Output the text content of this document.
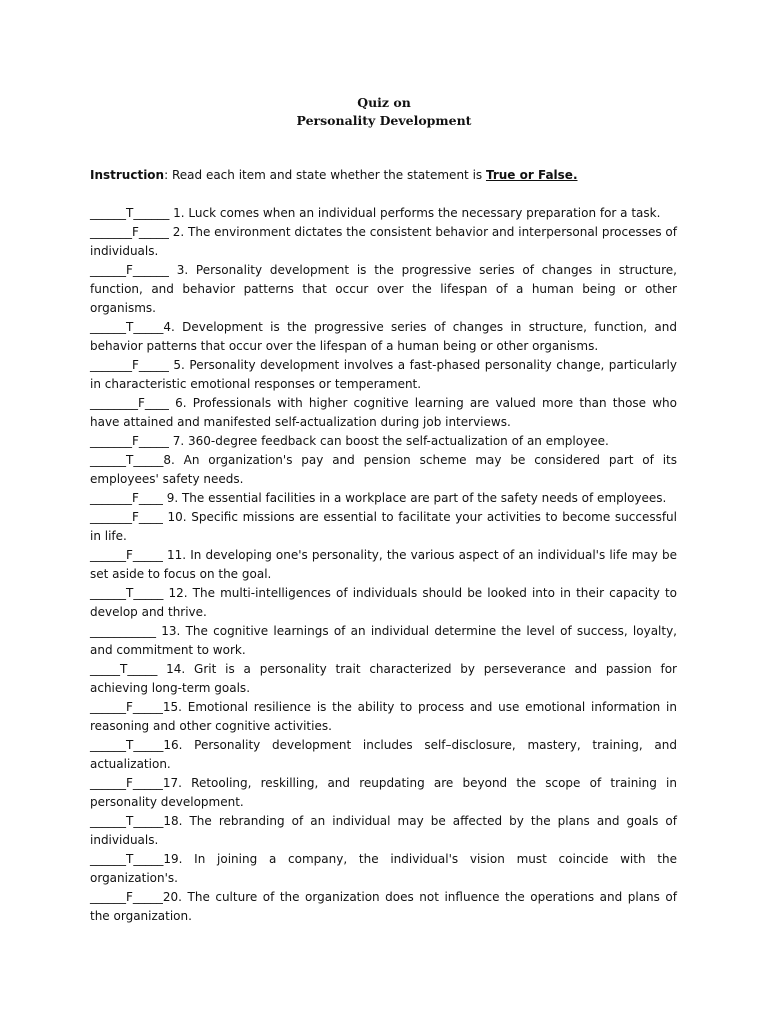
Quiz on
Personality Development
Instruction: Read each item and state whether the statement is True or False.

______T______ 1. Luck comes when an individual performs the necessary preparation for a task.

_______F_____ 2. The environment dictates the consistent behavior and interpersonal processes of individuals.

______F______ 3. Personality development is the progressive series of changes in structure, function, and behavior patterns that occur over the lifespan of a human being or other organisms.

______T_____4. Development is the progressive series of changes in structure, function, and behavior patterns that occur over the lifespan of a human being or other organisms.

_______F_____ 5. Personality development involves a fast-phased personality change, particularly in characteristic emotional responses or temperament.

________F____ 6. Professionals with higher cognitive learning are valued more than those who have attained and manifested self-actualization during job interviews.

_______F_____ 7. 360-degree feedback can boost the self-actualization of an employee.

______T_____8. An organization's pay and pension scheme may be considered part of its employees' safety needs.

_______F____ 9. The essential facilities in a workplace are part of the safety needs of employees.

_______F____ 10. Specific missions are essential to facilitate your activities to become successful in life.

______F_____ 11. In developing one's personality, the various aspect of an individual's life may be set aside to focus on the goal.

______T_____ 12. The multi-intelligences of individuals should be looked into in their capacity to develop and thrive.

___________ 13. The cognitive learnings of an individual determine the level of success, loyalty, and commitment to work.

_____T_____ 14. Grit is a personality trait characterized by perseverance and passion for achieving long-term goals.

______F_____15. Emotional resilience is the ability to process and use emotional information in reasoning and other cognitive activities.

______T_____16. Personality development includes self–disclosure, mastery, training, and actualization.

______F_____17. Retooling, reskilling, and reupdating are beyond the scope of training in personality development.

______T_____18. The rebranding of an individual may be affected by the plans and goals of individuals.

______T_____19. In joining a company, the individual's vision must coincide with the organization's.

______F_____20. The culture of the organization does not influence the operations and plans of the organization.
